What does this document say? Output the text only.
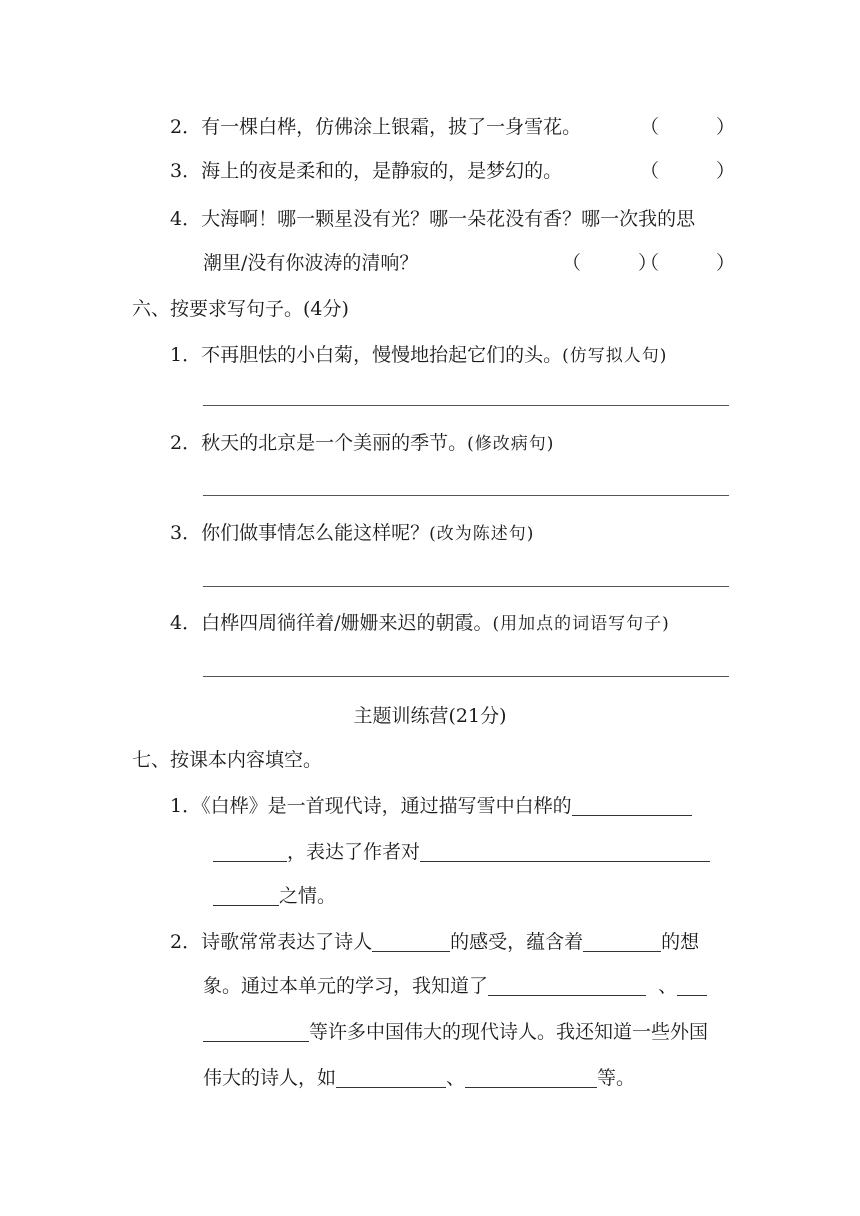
2．有一棵白桦，仿佛涂上银霜，披了一身雪花。	（　　　）
3．海上的夜是柔和的，是静寂的，是梦幻的。	（　　　）
4．大海啊！哪一颗星没有光？哪一朵花没有香？哪一次我的思
潮里/没有你波涛的清响？	（　　　）
（　　　）
六、按要求写句子。(4分)
1．不再胆怯的小白菊，慢慢地抬起它们的头。(仿写拟人句)
2．秋天的北京是一个美丽的季节。(修改病句)
3．你们做事情怎么能这样呢？(改为陈述句)
4．白桦四周徜徉着/姗姗来迟的朝霞。(用加点的词语写句子)
主题训练营(21分)
七、按课本内容填空。
1．《白桦》是一首现代诗，通过描写雪中白桦的
，表达了作者对
之情。
2．诗歌常常表达了诗人	的感受，蕴含着	的想
象。通过本单元的学习，我知道了	、
等许多中国伟大的现代诗人。我还知道一些外国
伟大的诗人，如	、	等。
